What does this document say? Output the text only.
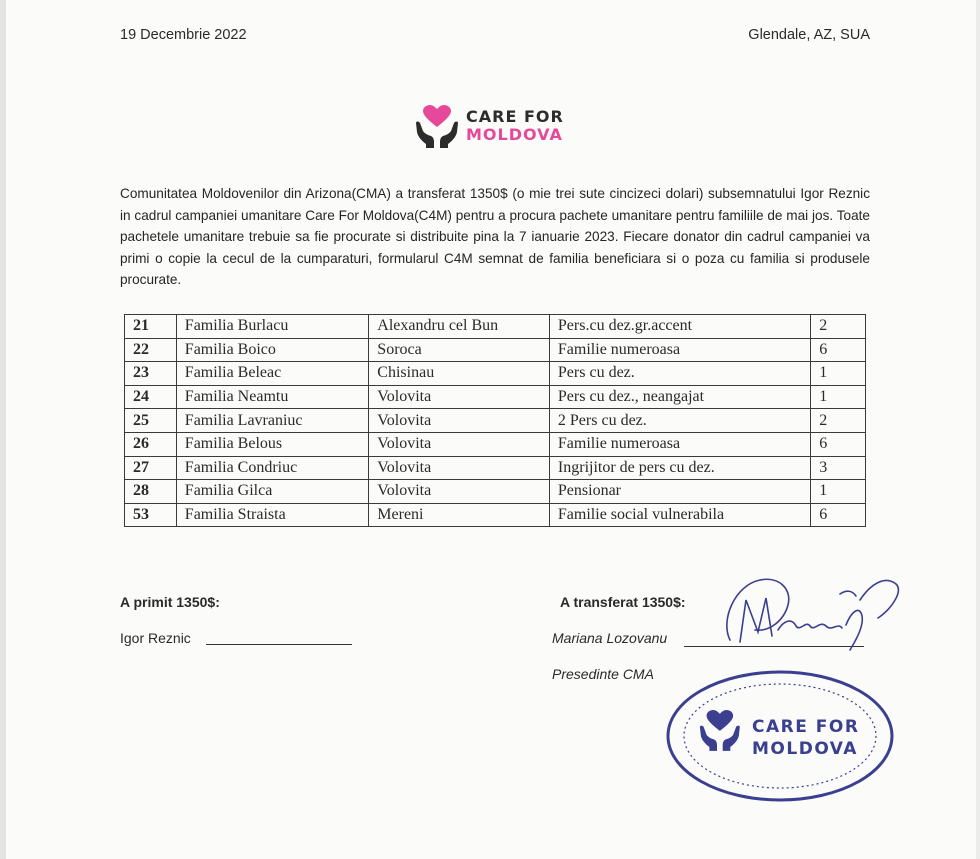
19 Decembrie 2022	Glendale, AZ, SUA
CARE FOR
MOLDOVA
Comunitatea Moldovenilor din Arizona(CMA) a transferat 1350$ (o mie trei sute cincizeci dolari) subsemnatului Igor Reznic in cadrul campaniei umanitare Care For Moldova(C4M) pentru a procura pachete umanitare pentru familiile de mai jos. Toate pachetele umanitare trebuie sa fie procurate si distribuite pina la 7 ianuarie 2023. Fiecare donator din cadrul campaniei va primi o copie la cecul de la cumparaturi, formularul C4M semnat de familia beneficiara si o poza cu familia si produsele procurate.
21	Familia Burlacu	Alexandru cel Bun	Pers.cu dez.gr.accent	2
22	Familia Boico	Soroca	Familie numeroasa	6
23	Familia Beleac	Chisinau	Pers cu dez.	1
24	Familia Neamtu	Volovita	Pers cu dez., neangajat	1
25	Familia Lavraniuc	Volovita	2 Pers cu dez.	2
26	Familia Belous	Volovita	Familie numeroasa	6
27	Familia Condriuc	Volovita	Ingrijitor de pers cu dez.	3
28	Familia Gilca	Volovita	Pensionar	1
53	Familia Straista	Mereni	Familie social vulnerabila	6
A primit 1350$:
Igor Reznic
A transferat 1350$:
Mariana Lozovanu
Presedinte CMA
CARE FOR
MOLDOVA
